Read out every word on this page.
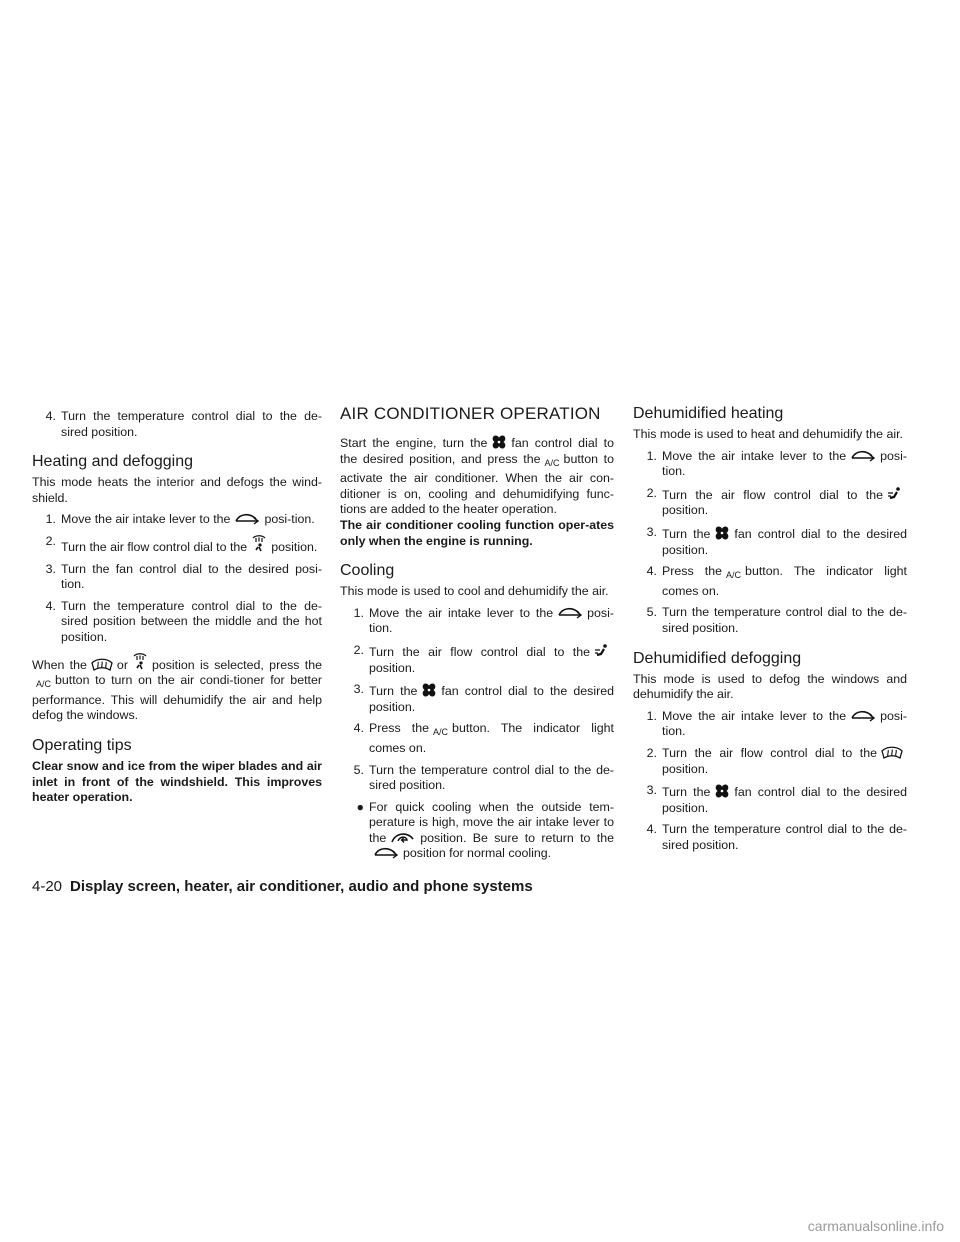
4. Turn the temperature control dial to the de-sired position.
Heating and defogging

This mode heats the interior and defogs the wind-shield.

1. Move the air intake lever to the	posi-tion.
2. Turn the air flow control dial to the position.
3. Turn the fan control dial to the desired posi-tion.
4. Turn the temperature control dial to the de-sired position between the middle and the hot position.

When the or position is selected, press theA/C button to turn on the air condi-tioner for better performance. This will dehumidify the air and help defog the windows.

Operating tips

Clear snow and ice from the wiper blades and air inlet in front of the windshield. This improves heater operation.

AIR CONDITIONER OPERATION

Start the engine, turn the fan control dial to the desired position, and press the A/C button to activate the air conditioner. When the air con-ditioner is on, cooling and dehumidifying func-tions are added to the heater operation.

The air conditioner cooling function oper-ates only when the engine is running.

Cooling

This mode is used to cool and dehumidify the air.

1. Move the air intake lever to the	posi-tion.
2. Turn the air flow control dial to theposition.
3. Turn the fan control dial to the desired position.
4. Press the A/C button. The indicator light comes on.
5. Turn the temperature control dial to the de-sired position.
● For quick cooling when the outside tem-perature is high, move the air intake lever to the	position. Be sure to return to theposition for normal cooling.
Dehumidified heating

This mode is used to heat and dehumidify the air.

1. Move the air intake lever to the	posi-tion.
2. Turn the air flow control dial to theposition.
3. Turn the fan control dial to the desired position.
4. Press the A/C button. The indicator light comes on.
5. Turn the temperature control dial to the de-sired position.
Dehumidified defogging

This mode is used to defog the windows and dehumidify the air.

1. Move the air intake lever to the	posi-tion.
2. Turn the air flow control dial to theposition.
3. Turn the fan control dial to the desired position.
4. Turn the temperature control dial to the de-sired position.
4-20 Display screen, heater, air conditioner, audio and phone systems
carmanualsonline.info
